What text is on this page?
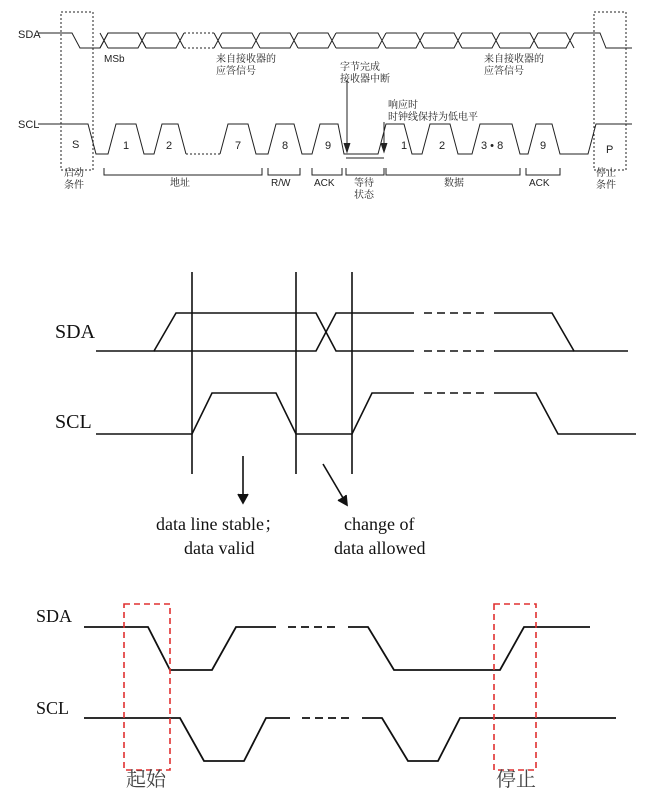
SDA
SCL
MSb	来自接收器的
应答信号
来自接收器的
应答信号
字节完成
接收器中断
响应时
时钟线保持为低电平
S	P
1	2	7	8	9	1	2	3 • 8	9
启动
条件	地址	R/W ACK 等待
状态
数据	ACK
停止
条件
SDA
SCL
data line stable；
data valid
change of
data allowed
SDA
SCL
起始	停止
